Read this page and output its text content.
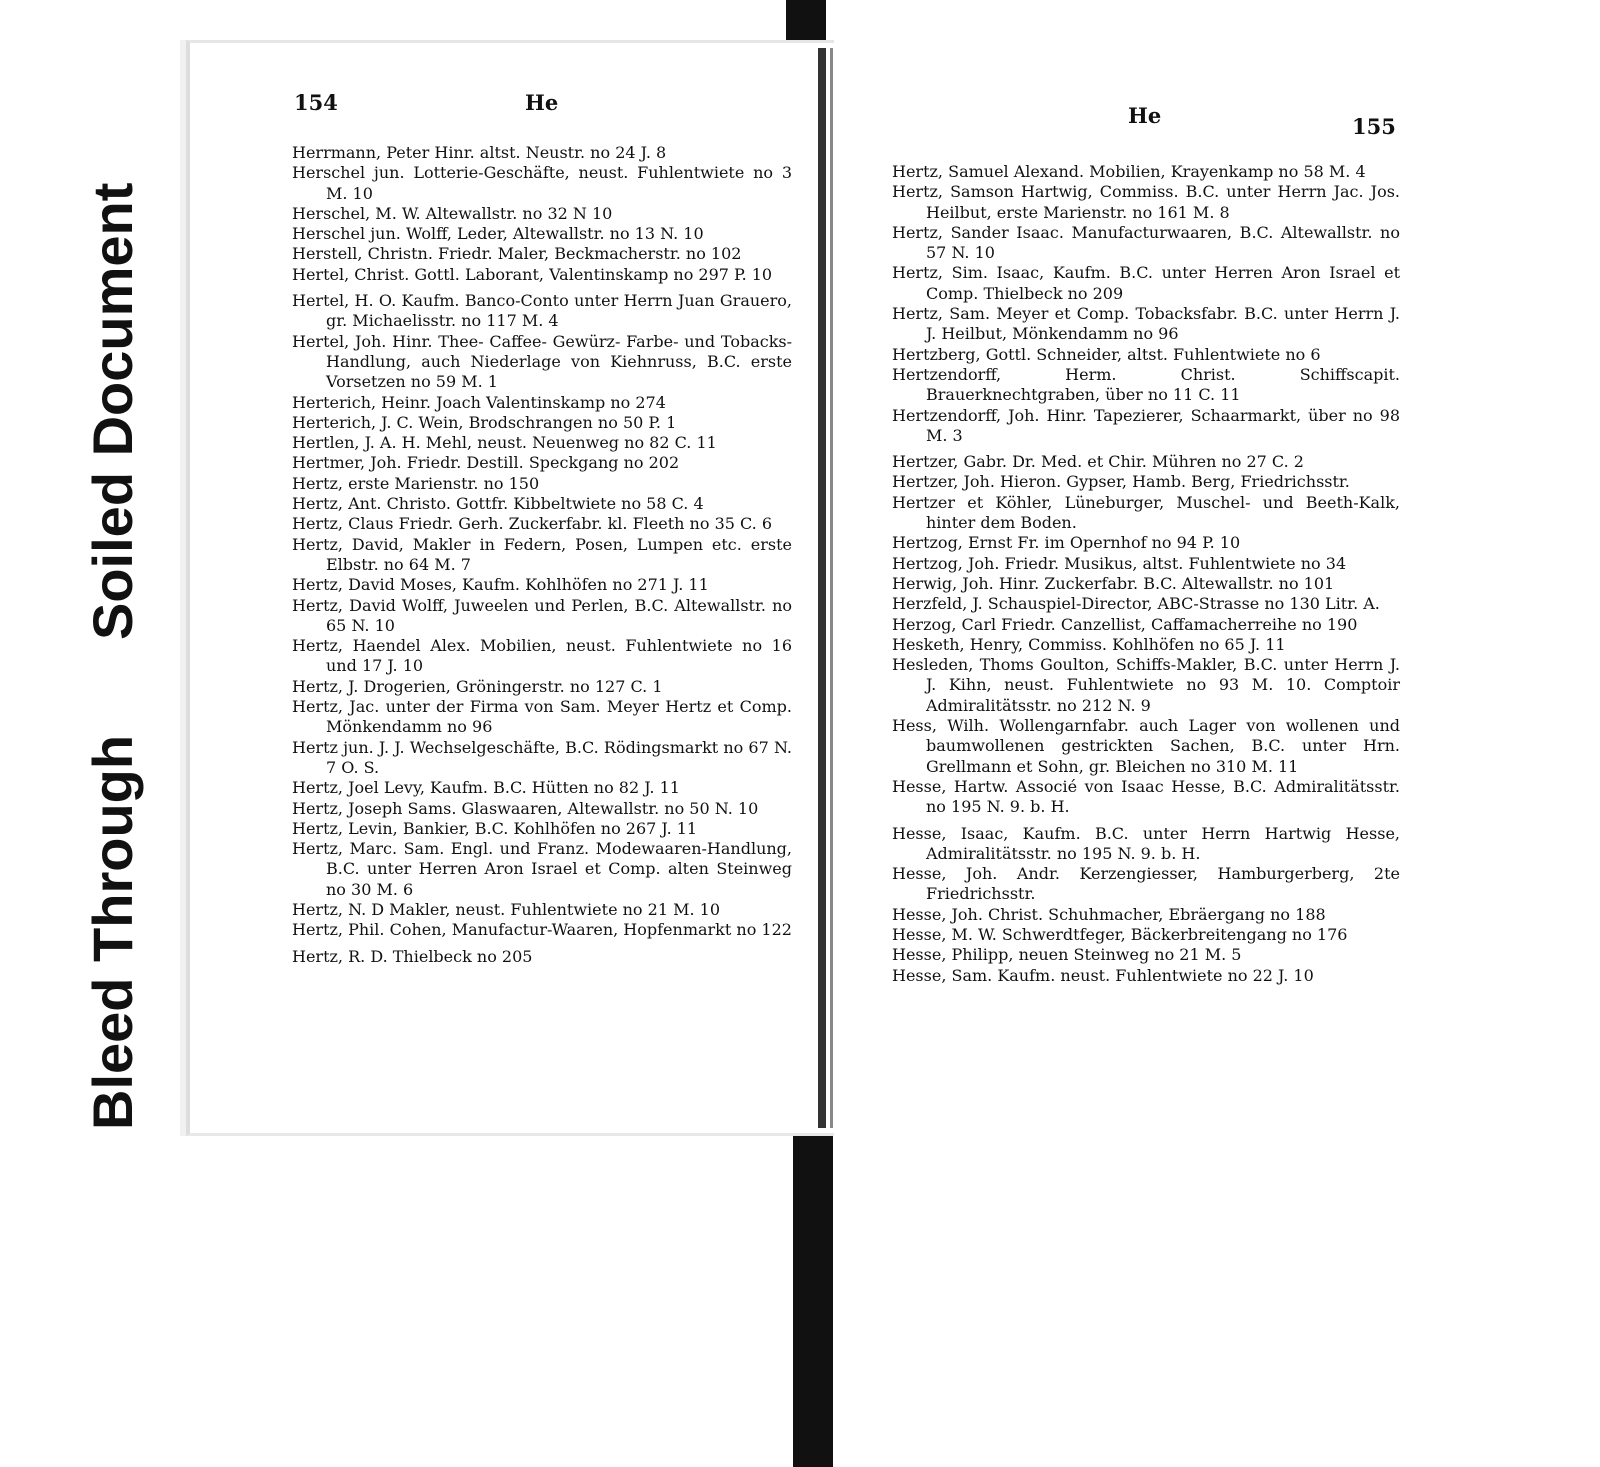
Soiled Document
Bleed Through
154	He
He	155

Herrmann, Peter Hinr. altst. Neustr. no 24 J. 8

Herschel jun. Lotterie-Geschäfte, neust. Fuhlentwiete no 3 M. 10

Herschel, M. W. Altewallstr. no 32 N 10

Herschel jun. Wolff, Leder, Altewallstr. no 13 N. 10

Herstell, Christn. Friedr. Maler, Beckmacherstr. no 102

Hertel, Christ. Gottl. Laborant, Valentinskamp no 297 P. 10

Hertel, H. O. Kaufm. Banco-Conto unter Herrn Juan Grauero, gr. Michaelisstr. no 117 M. 4

Hertel, Joh. Hinr. Thee- Caffee- Gewürz- Farbe- und Tobacks-Handlung, auch Niederlage von Kiehnruss, B.C. erste Vorsetzen no 59 M. 1

Herterich, Heinr. Joach Valentinskamp no 274

Herterich, J. C. Wein, Brodschrangen no 50 P. 1

Hertlen, J. A. H. Mehl, neust. Neuenweg no 82 C. 11

Hertmer, Joh. Friedr. Destill. Speckgang no 202

Hertz, erste Marienstr. no 150

Hertz, Ant. Christo. Gottfr. Kibbeltwiete no 58 C. 4

Hertz, Claus Friedr. Gerh. Zuckerfabr. kl. Fleeth no 35 C. 6

Hertz, David, Makler in Federn, Posen, Lumpen etc. erste Elbstr. no 64 M. 7

Hertz, David Moses, Kaufm. Kohlhöfen no 271 J. 11

Hertz, David Wolff, Juweelen und Perlen, B.C. Altewallstr. no 65 N. 10

Hertz, Haendel Alex. Mobilien, neust. Fuhlentwiete no 16 und 17 J. 10

Hertz, J. Drogerien, Gröningerstr. no 127 C. 1

Hertz, Jac. unter der Firma von Sam. Meyer Hertz et Comp. Mönkendamm no 96

Hertz jun. J. J. Wechselgeschäfte, B.C. Rödingsmarkt no 67 N. 7 O. S.

Hertz, Joel Levy, Kaufm. B.C. Hütten no 82 J. 11

Hertz, Joseph Sams. Glaswaaren, Altewallstr. no 50 N. 10

Hertz, Levin, Bankier, B.C. Kohlhöfen no 267 J. 11

Hertz, Marc. Sam. Engl. und Franz. Modewaaren-Handlung, B.C. unter Herren Aron Israel et Comp. alten Steinweg no 30 M. 6

Hertz, N. D Makler, neust. Fuhlentwiete no 21 M. 10

Hertz, Phil. Cohen, Manufactur-Waaren, Hopfenmarkt no 122

Hertz, R. D. Thielbeck no 205

Hertz, Samuel Alexand. Mobilien, Krayenkamp no 58 M. 4

Hertz, Samson Hartwig, Commiss. B.C. unter Herrn Jac. Jos. Heilbut, erste Marienstr. no 161 M. 8

Hertz, Sander Isaac. Manufacturwaaren, B.C. Altewallstr. no 57 N. 10

Hertz, Sim. Isaac, Kaufm. B.C. unter Herren Aron Israel et Comp. Thielbeck no 209

Hertz, Sam. Meyer et Comp. Tobacksfabr. B.C. unter Herrn J. J. Heilbut, Mönkendamm no 96

Hertzberg, Gottl. Schneider, altst. Fuhlentwiete no 6

Hertzendorff, Herm. Christ. Schiffscapit. Brauerknechtgraben, über no 11 C. 11

Hertzendorff, Joh. Hinr. Tapezierer, Schaarmarkt, über no 98 M. 3

Hertzer, Gabr. Dr. Med. et Chir. Mühren no 27 C. 2

Hertzer, Joh. Hieron. Gypser, Hamb. Berg, Friedrichsstr.

Hertzer et Köhler, Lüneburger, Muschel- und Beeth-Kalk, hinter dem Boden.

Hertzog, Ernst Fr. im Opernhof no 94 P. 10

Hertzog, Joh. Friedr. Musikus, altst. Fuhlentwiete no 34

Herwig, Joh. Hinr. Zuckerfabr. B.C. Altewallstr. no 101

Herzfeld, J. Schauspiel-Director, ABC-Strasse no 130 Litr. A.

Herzog, Carl Friedr. Canzellist, Caffamacherreihe no 190

Hesketh, Henry, Commiss. Kohlhöfen no 65 J. 11

Hesleden, Thoms Goulton, Schiffs-Makler, B.C. unter Herrn J. J. Kihn, neust. Fuhlentwiete no 93 M. 10. Comptoir Admiralitätsstr. no 212 N. 9

Hess, Wilh. Wollengarnfabr. auch Lager von wollenen und baumwollenen gestrickten Sachen, B.C. unter Hrn. Grellmann et Sohn, gr. Bleichen no 310 M. 11

Hesse, Hartw. Associé von Isaac Hesse, B.C. Admiralitätsstr. no 195 N. 9. b. H.

Hesse, Isaac, Kaufm. B.C. unter Herrn Hartwig Hesse, Admiralitätsstr. no 195 N. 9. b. H.

Hesse, Joh. Andr. Kerzengiesser, Hamburgerberg, 2te Friedrichsstr.

Hesse, Joh. Christ. Schuhmacher, Ebräergang no 188

Hesse, M. W. Schwerdtfeger, Bäckerbreitengang no 176

Hesse, Philipp, neuen Steinweg no 21 M. 5

Hesse, Sam. Kaufm. neust. Fuhlentwiete no 22 J. 10
